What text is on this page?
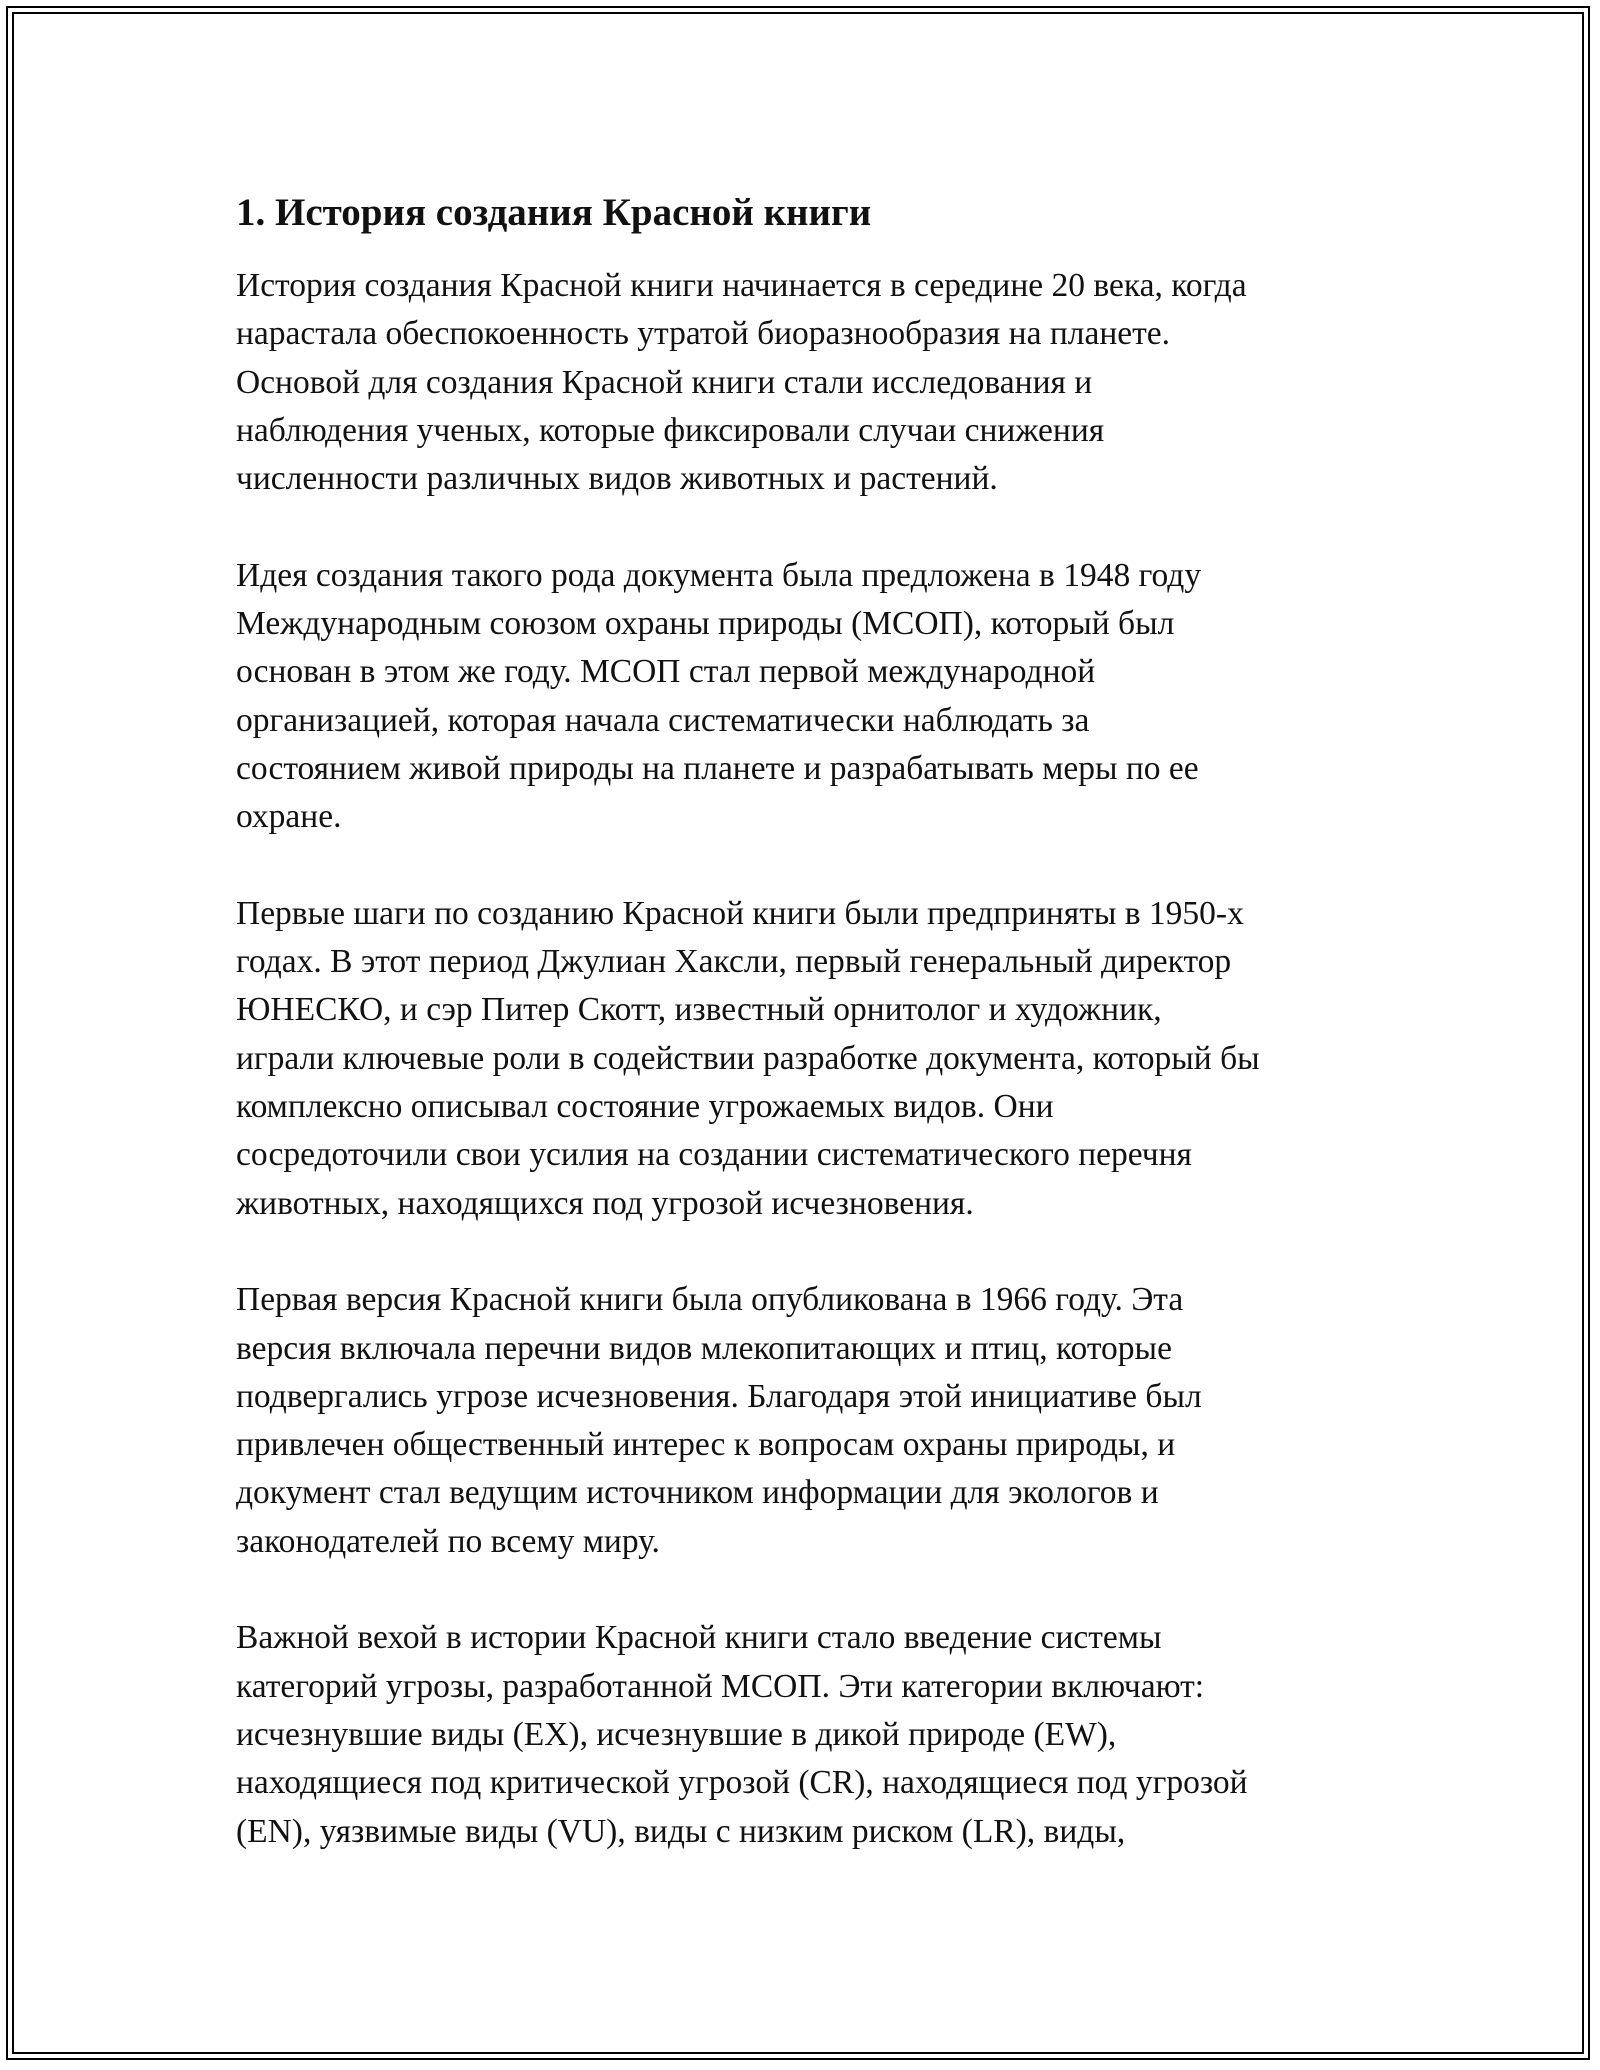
1. История создания Красной книги
История создания Красной книги начинается в середине 20 века, когда
нарастала обеспокоенность утратой биоразнообразия на планете.
Основой для создания Красной книги стали исследования и
наблюдения ученых, которые фиксировали случаи снижения
численности различных видов животных и растений.
Идея создания такого рода документа была предложена в 1948 году
Международным союзом охраны природы (МСОП), который был
основан в этом же году. МСОП стал первой международной
организацией, которая начала систематически наблюдать за
состоянием живой природы на планете и разрабатывать меры по ее
охране.
Первые шаги по созданию Красной книги были предприняты в 1950-х
годах. В этот период Джулиан Хаксли, первый генеральный директор
ЮНЕСКО, и сэр Питер Скотт, известный орнитолог и художник,
играли ключевые роли в содействии разработке документа, который бы
комплексно описывал состояние угрожаемых видов. Они
сосредоточили свои усилия на создании систематического перечня
животных, находящихся под угрозой исчезновения.
Первая версия Красной книги была опубликована в 1966 году. Эта
версия включала перечни видов млекопитающих и птиц, которые
подвергались угрозе исчезновения. Благодаря этой инициативе был
привлечен общественный интерес к вопросам охраны природы, и
документ стал ведущим источником информации для экологов и
законодателей по всему миру.
Важной вехой в истории Красной книги стало введение системы
категорий угрозы, разработанной МСОП. Эти категории включают:
исчезнувшие виды (EX), исчезнувшие в дикой природе (EW),
находящиеся под критической угрозой (CR), находящиеся под угрозой
(EN), уязвимые виды (VU), виды с низким риском (LR), виды,
